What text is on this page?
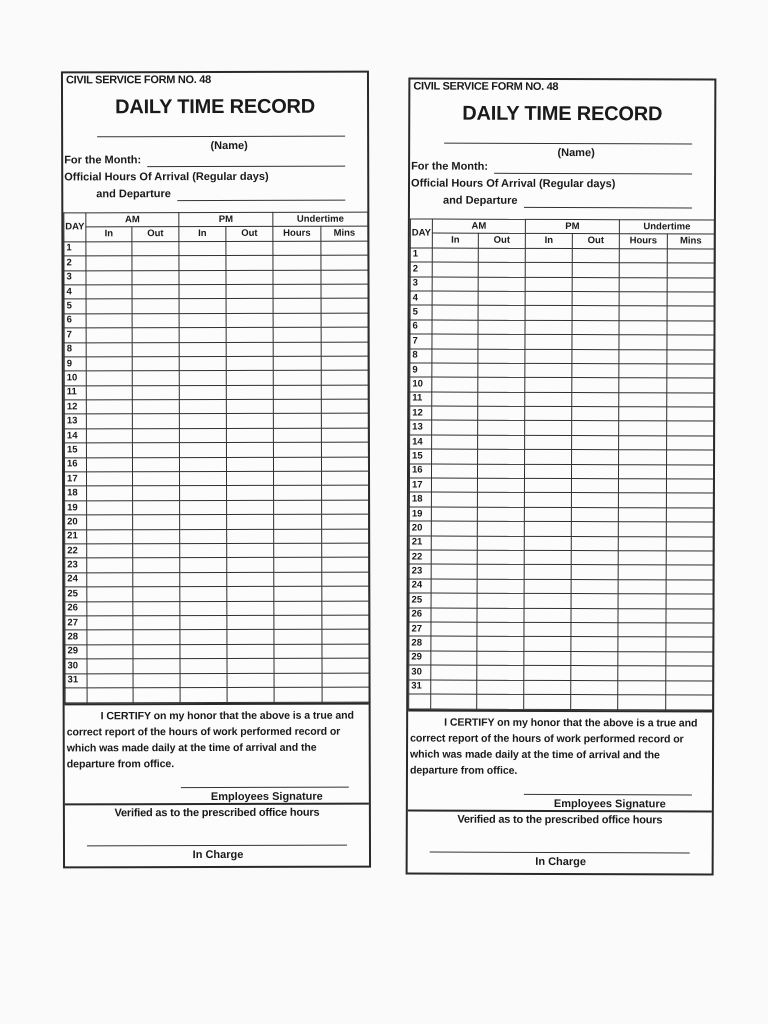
CIVIL SERVICE FORM NO. 48
DAILY TIME RECORD
(Name)
For the Month:
Official Hours Of Arrival (Regular days)
and Departure
DAY	AM		PM		Undertime	
	In	Out	In	Out	Hours	Mins
1						
2						
3						
4						
5						
6						
7						
8						
9						
10						
11						
12						
13						
14						
15						
16						
17						
18						
19						
20						
21						
22						
23						
24						
25						
26						
27						
28						
29						
30						
31						

I CERTIFY on my honor that the above is a true and correct report of the hours of work performed record or which was made daily at the time of arrival and the departure from office.
Employees Signature
Verified as to the prescribed office hours
In Charge
CIVIL SERVICE FORM NO. 48
DAILY TIME RECORD
(Name)
For the Month:
Official Hours Of Arrival (Regular days)
and Departure
DAY	AM		PM		Undertime	
	In	Out	In	Out	Hours	Mins
1						
2						
3						
4						
5						
6						
7						
8						
9						
10						
11						
12						
13						
14						
15						
16						
17						
18						
19						
20						
21						
22						
23						
24						
25						
26						
27						
28						
29						
30						
31						

I CERTIFY on my honor that the above is a true and correct report of the hours of work performed record or which was made daily at the time of arrival and the departure from office.
Employees Signature
Verified as to the prescribed office hours
In Charge
